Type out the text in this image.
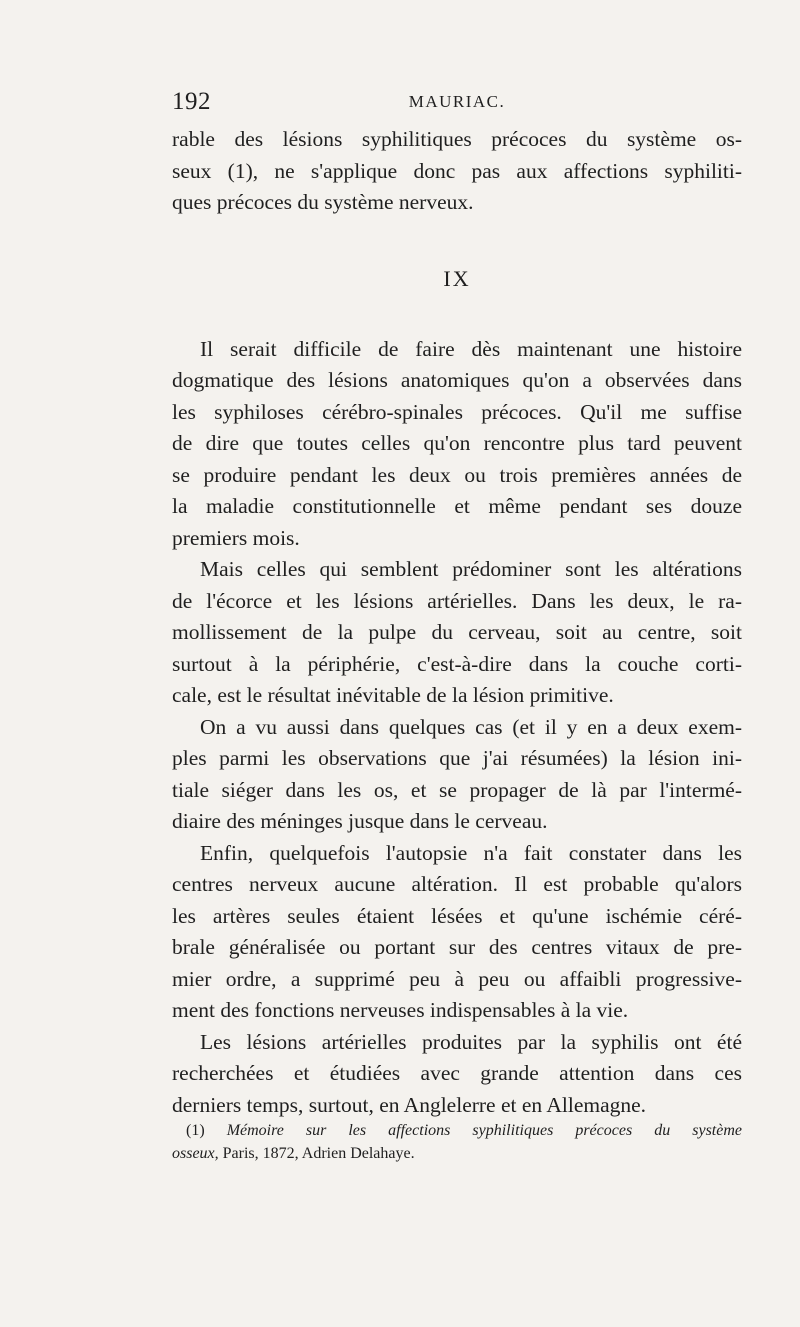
192	MAURIAC.
rable des lésions syphilitiques précoces du système os-
seux (1), ne s'applique donc pas aux affections syphiliti-
ques précoces du système nerveux.
IX
Il serait difficile de faire dès maintenant une histoire
dogmatique des lésions anatomiques qu'on a observées dans
les syphiloses cérébro-spinales précoces. Qu'il me suffise
de dire que toutes celles qu'on rencontre plus tard peuvent
se produire pendant les deux ou trois premières années de
la maladie constitutionnelle et même pendant ses douze
premiers mois.
Mais celles qui semblent prédominer sont les altérations
de l'écorce et les lésions artérielles. Dans les deux, le ra-
mollissement de la pulpe du cerveau, soit au centre, soit
surtout à la périphérie, c'est-à-dire dans la couche corti-
cale, est le résultat inévitable de la lésion primitive.
On a vu aussi dans quelques cas (et il y en a deux exem-
ples parmi les observations que j'ai résumées) la lésion ini-
tiale siéger dans les os, et se propager de là par l'intermé-
diaire des méninges jusque dans le cerveau.
Enfin, quelquefois l'autopsie n'a fait constater dans les
centres nerveux aucune altération. Il est probable qu'alors
les artères seules étaient lésées et qu'une ischémie céré-
brale généralisée ou portant sur des centres vitaux de pre-
mier ordre, a supprimé peu à peu ou affaibli progressive-
ment des fonctions nerveuses indispensables à la vie.
Les lésions artérielles produites par la syphilis ont été
recherchées et étudiées avec grande attention dans ces
derniers temps, surtout, en Anglelerre et en Allemagne.
(1) Mémoire sur les affections syphilitiques précoces du système
osseux, Paris, 1872, Adrien Delahaye.
